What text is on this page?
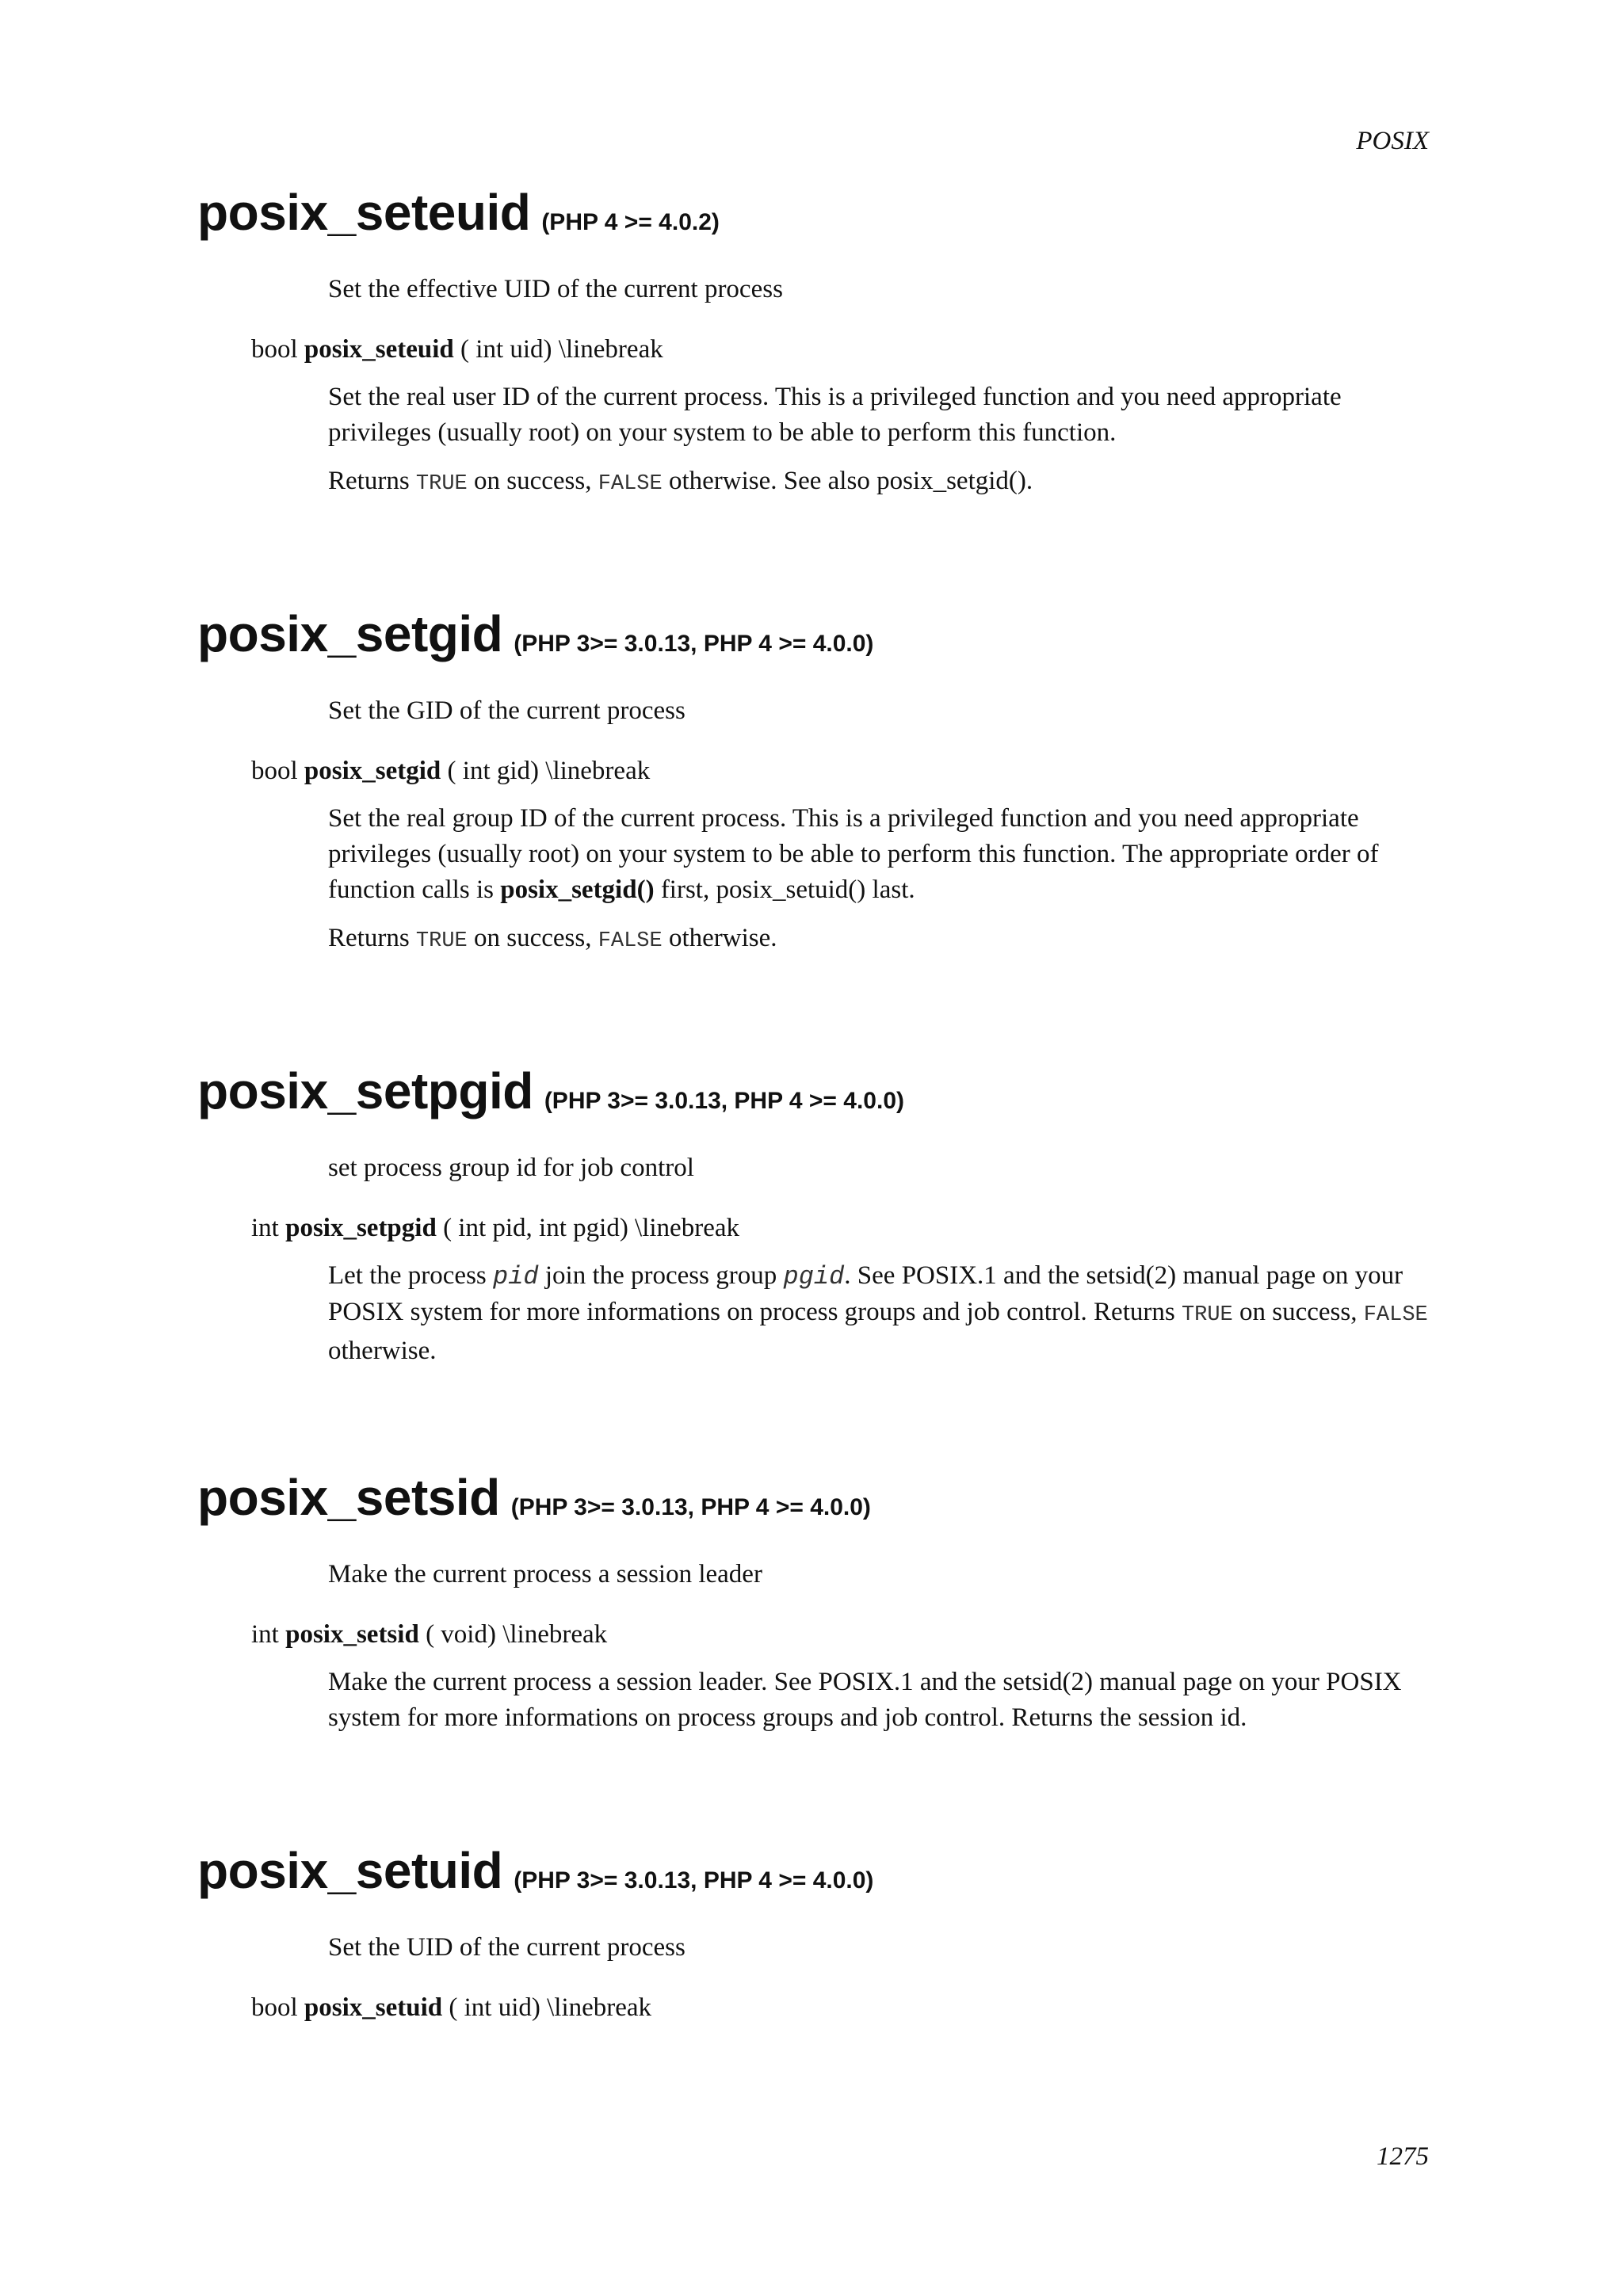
POSIX
posix_seteuid (PHP 4 >= 4.0.2)

Set the effective UID of the current process

bool posix_seteuid ( int uid) \linebreak

Set the real user ID of the current process. This is a privileged function and you need appropriate privileges (usually root) on your system to be able to perform this function.

Returns TRUE on success, FALSE otherwise. See also posix_setgid().

posix_setgid (PHP 3>= 3.0.13, PHP 4 >= 4.0.0)

Set the GID of the current process

bool posix_setgid ( int gid) \linebreak

Set the real group ID of the current process. This is a privileged function and you need appropriate privileges (usually root) on your system to be able to perform this function. The appropriate order of function calls is posix_setgid() first, posix_setuid() last.

Returns TRUE on success, FALSE otherwise.

posix_setpgid (PHP 3>= 3.0.13, PHP 4 >= 4.0.0)

set process group id for job control

int posix_setpgid ( int pid, int pgid) \linebreak

Let the process pid join the process group pgid. See POSIX.1 and the setsid(2) manual page on your POSIX system for more informations on process groups and job control. Returns TRUE on success, FALSE otherwise.

posix_setsid (PHP 3>= 3.0.13, PHP 4 >= 4.0.0)

Make the current process a session leader

int posix_setsid ( void) \linebreak

Make the current process a session leader. See POSIX.1 and the setsid(2) manual page on your POSIX system for more informations on process groups and job control. Returns the session id.

posix_setuid (PHP 3>= 3.0.13, PHP 4 >= 4.0.0)

Set the UID of the current process

bool posix_setuid ( int uid) \linebreak

1275
